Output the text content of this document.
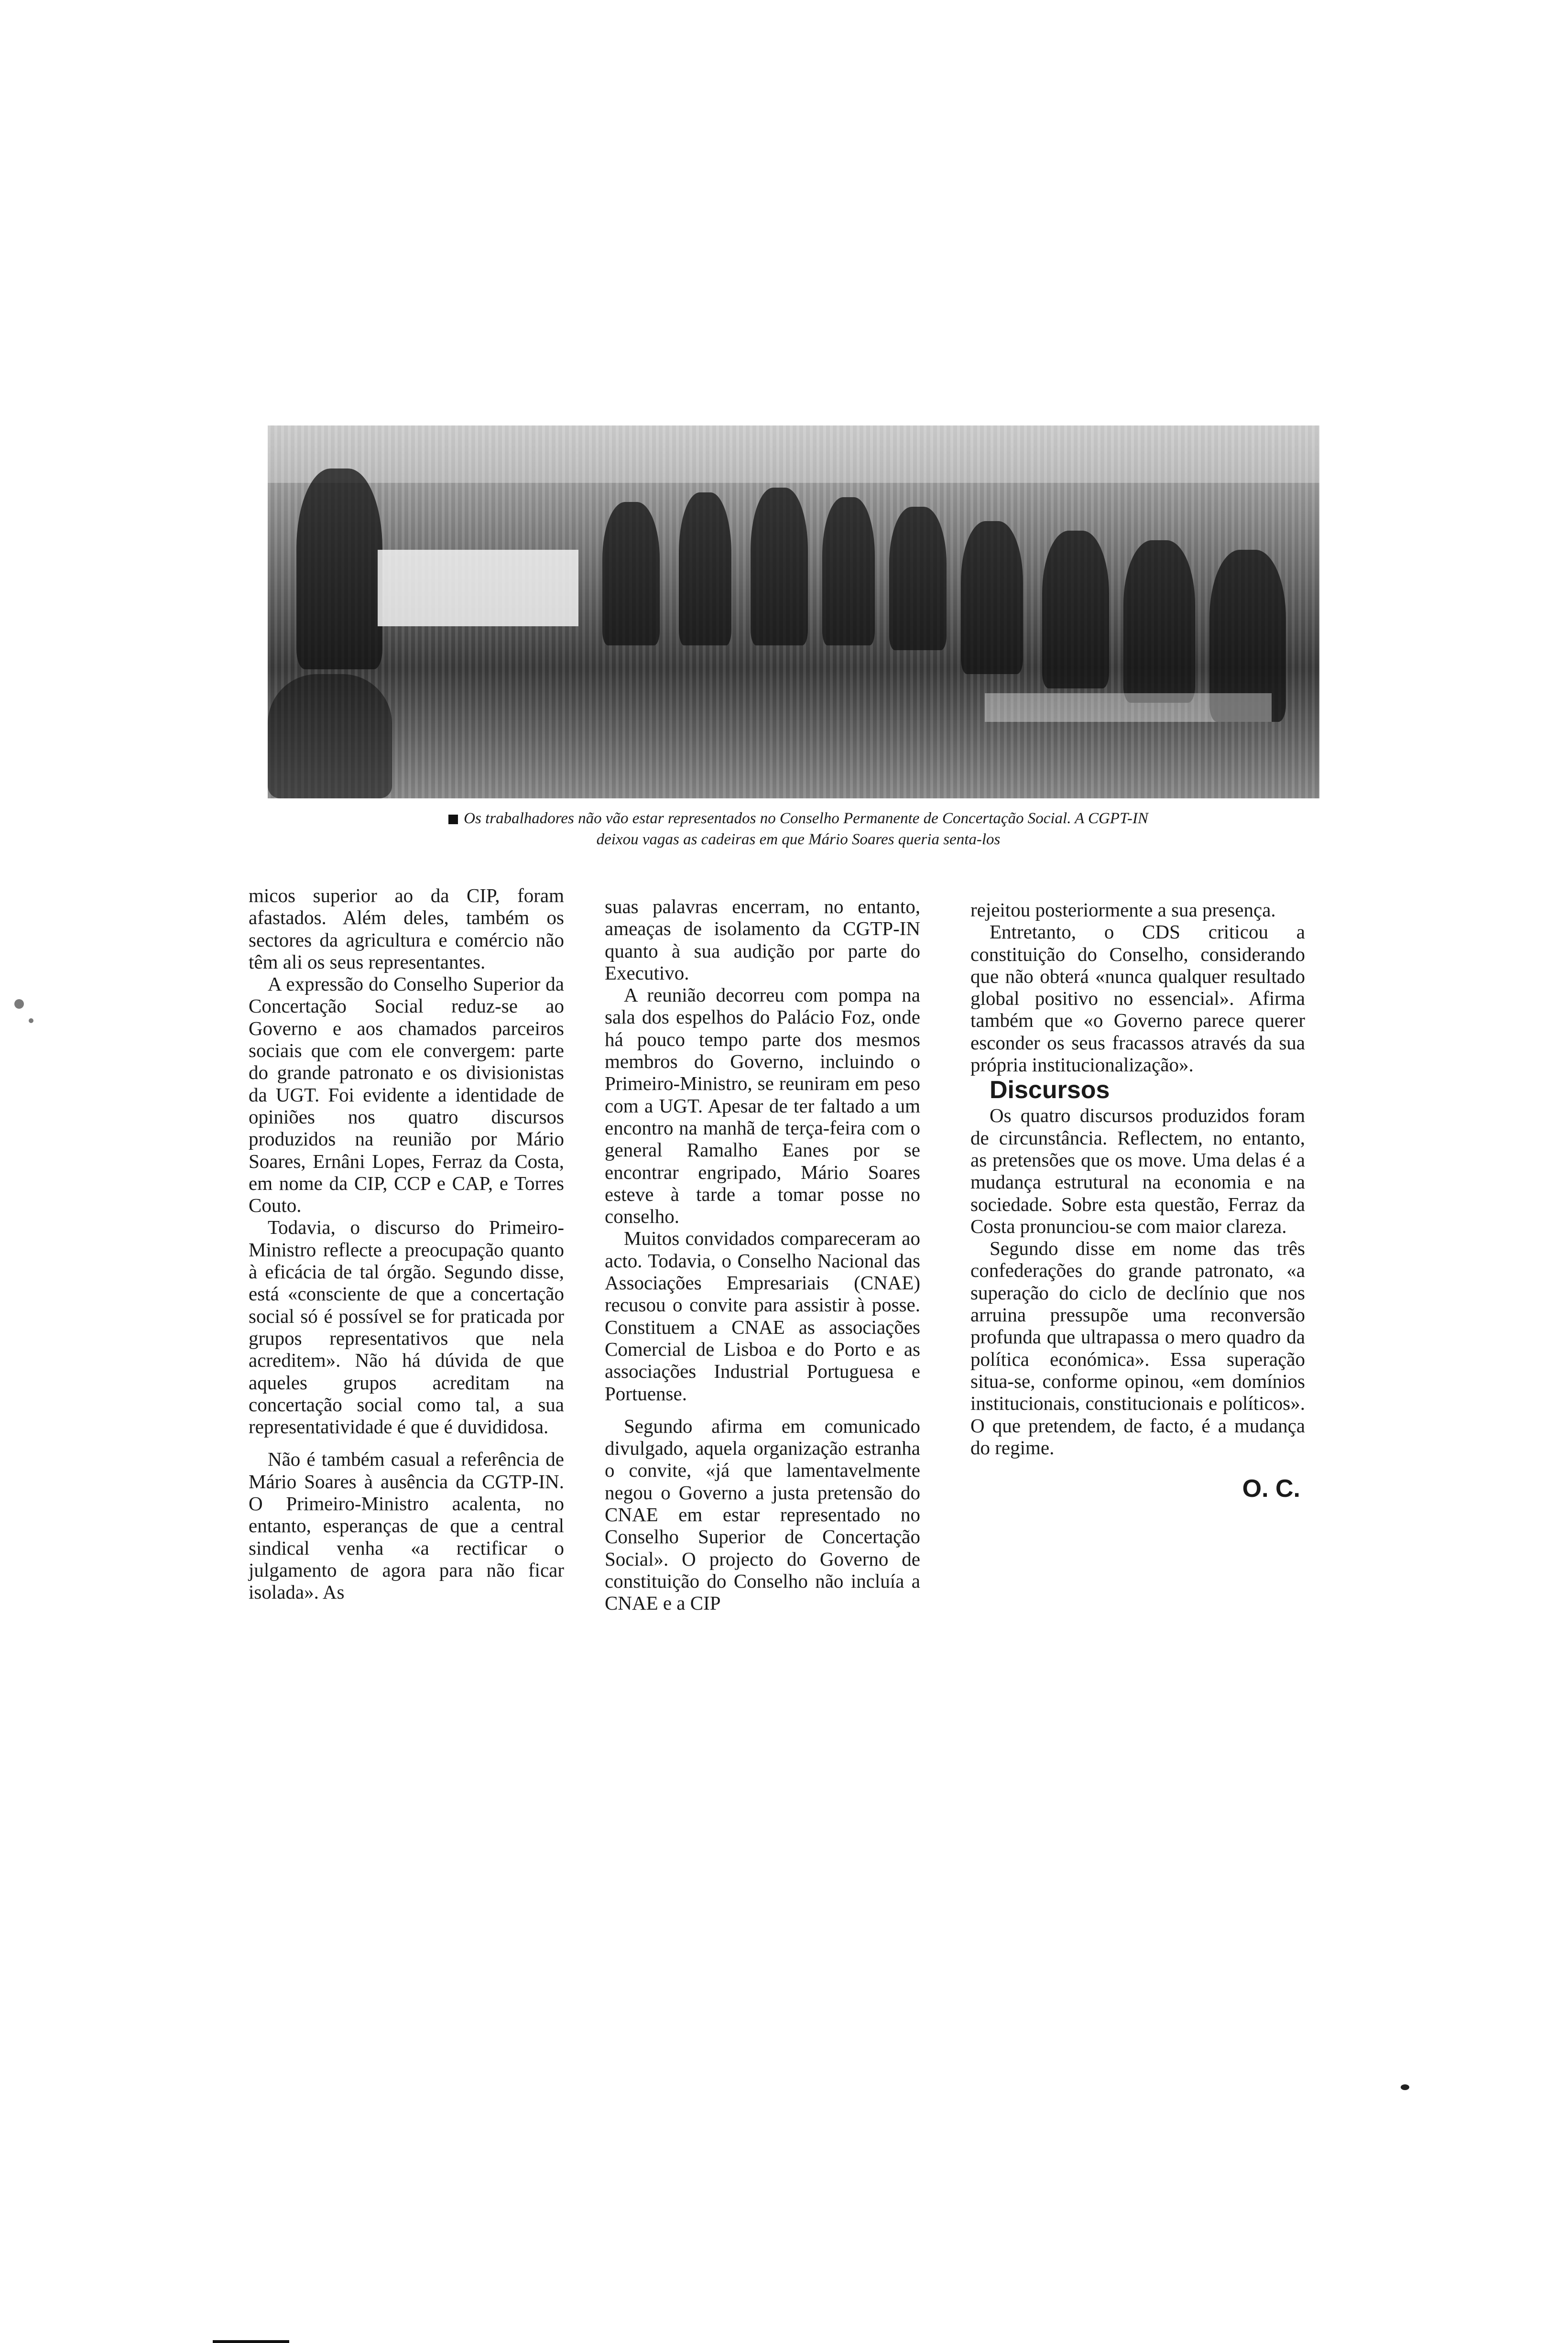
Os trabalhadores não vão estar representados no Conselho Permanente de Concertação Social. A CGPT-IN
deixou vagas as cadeiras em que Mário Soares queria senta-los

micos superior ao da CIP, foram afastados. Além deles, também os sectores da agricultura e comércio não têm ali os seus representantes.

A expressão do Conselho Superior da Concertação Social reduz-se ao Governo e aos chamados parceiros sociais que com ele convergem: parte do grande patronato e os divisionistas da UGT. Foi evidente a identidade de opiniões nos quatro discursos produzidos na reunião por Mário Soares, Ernâni Lopes, Ferraz da Costa, em nome da CIP, CCP e CAP, e Torres Couto.

Todavia, o discurso do Primeiro-Ministro reflecte a preocupação quanto à eficácia de tal órgão. Segundo disse, está «consciente de que a concertação social só é possível se for praticada por grupos representativos que nela acreditem». Não há dúvida de que aqueles grupos acreditam na concertação social como tal, a sua representatividade é que é duvididosa.

Não é também casual a referência de Mário Soares à ausência da CGTP-IN. O Primeiro-Ministro acalenta, no entanto, esperanças de que a central sindical venha «a rectificar o julgamento de agora para não ficar isolada». As

suas palavras encerram, no entanto, ameaças de isolamento da CGTP-IN quanto à sua audição por parte do Executivo.

A reunião decorreu com pompa na sala dos espelhos do Palácio Foz, onde há pouco tempo parte dos mesmos membros do Governo, incluindo o Primeiro-Ministro, se reuniram em peso com a UGT. Apesar de ter faltado a um encontro na manhã de terça-feira com o general Ramalho Eanes por se encontrar engripado, Mário Soares esteve à tarde a tomar posse no conselho.

Muitos convidados compareceram ao acto. Todavia, o Conselho Nacional das Associações Empresariais (CNAE) recusou o convite para assistir à posse. Constituem a CNAE as associações Comercial de Lisboa e do Porto e as associações Industrial Portuguesa e Portuense.

Segundo afirma em comunicado divulgado, aquela organização estranha o convite, «já que lamentavelmente negou o Governo a justa pretensão do CNAE em estar representado no Conselho Superior de Concertação Social». O projecto do Governo de constituição do Conselho não incluía a CNAE e a CIP

rejeitou posteriormente a sua presença.

Entretanto, o CDS criticou a constituição do Conselho, considerando que não obterá «nunca qualquer resultado global positivo no essencial». Afirma também que «o Governo parece querer esconder os seus fracassos através da sua própria institucionalização».

Discursos

Os quatro discursos produzidos foram de circunstância. Reflectem, no entanto, as pretensões que os move. Uma delas é a mudança estrutural na economia e na sociedade. Sobre esta questão, Ferraz da Costa pronunciou-se com maior clareza.

Segundo disse em nome das três confederações do grande patronato, «a superação do ciclo de declínio que nos arruina pressupõe uma reconversão profunda que ultrapassa o mero quadro da política económica». Essa superação situa-se, conforme opinou, «em domínios institucionais, constitucionais e políticos». O que pretendem, de facto, é a mudança do regime.

O. C.
